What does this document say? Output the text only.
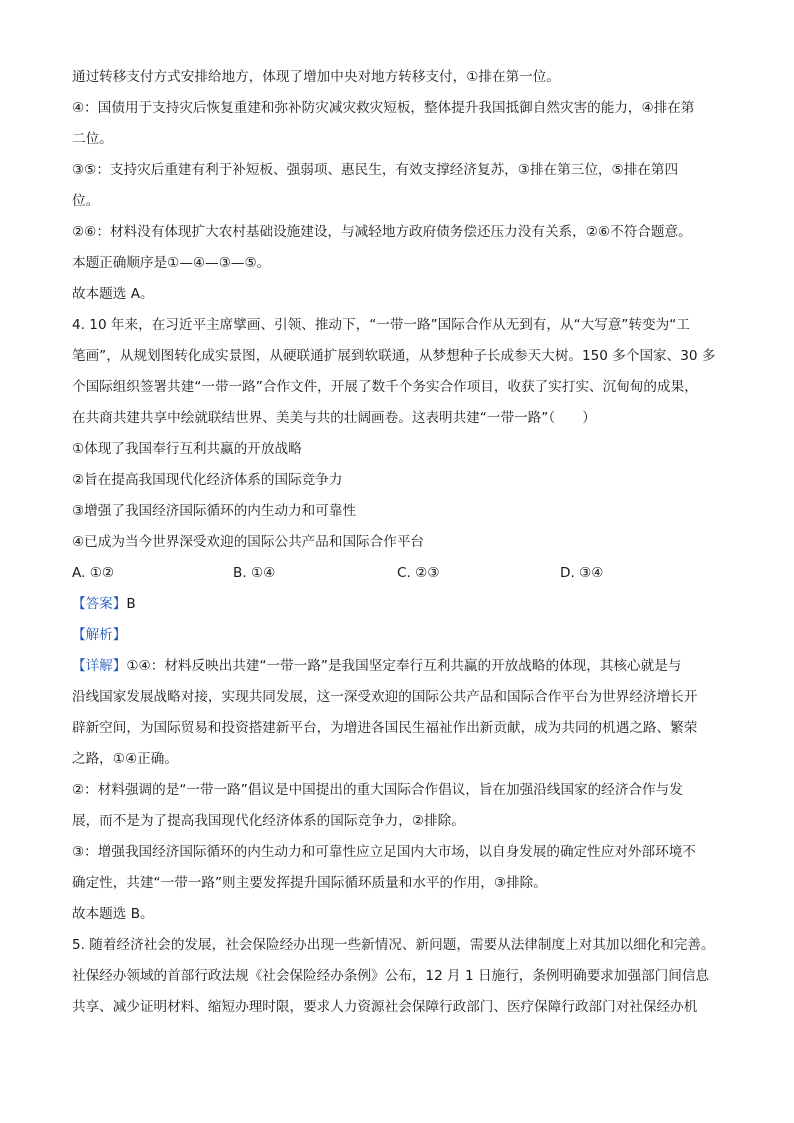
通过转移支付方式安排给地方，体现了增加中央对地方转移支付，①排在第一位。
④：国债用于支持灾后恢复重建和弥补防灾减灾救灾短板，整体提升我国抵御自然灾害的能力，④排在第
二位。
③⑤：支持灾后重建有利于补短板、强弱项、惠民生，有效支撑经济复苏，③排在第三位，⑤排在第四
位。
②⑥：材料没有体现扩大农村基础设施建设，与减轻地方政府债务偿还压力没有关系，②⑥不符合题意。
本题正确顺序是①—④—③—⑤。
故本题选 A。
4. 10 年来，在习近平主席擘画、引领、推动下，“一带一路”国际合作从无到有，从“大写意”转变为“工
笔画”，从规划图转化成实景图，从硬联通扩展到软联通，从梦想种子长成参天大树。150 多个国家、30 多
个国际组织签署共建“一带一路”合作文件，开展了数千个务实合作项目，收获了实打实、沉甸甸的成果，
在共商共建共享中绘就联结世界、美美与共的壮阔画卷。这表明共建“一带一路”（　　）
①体现了我国奉行互利共赢的开放战略
②旨在提高我国现代化经济体系的国际竞争力
③增强了我国经济国际循环的内生动力和可靠性
④已成为当今世界深受欢迎的国际公共产品和国际合作平台
A. ①②	B. ①④	C. ②③	D. ③④
【答案】B
【解析】
【详解】①④：材料反映出共建“一带一路”是我国坚定奉行互利共赢的开放战略的体现，其核心就是与
沿线国家发展战略对接，实现共同发展，这一深受欢迎的国际公共产品和国际合作平台为世界经济增长开
辟新空间，为国际贸易和投资搭建新平台，为增进各国民生福祉作出新贡献，成为共同的机遇之路、繁荣
之路，①④正确。
②：材料强调的是“一带一路”倡议是中国提出的重大国际合作倡议，旨在加强沿线国家的经济合作与发
展，而不是为了提高我国现代化经济体系的国际竞争力，②排除。
③：增强我国经济国际循环的内生动力和可靠性应立足国内大市场，以自身发展的确定性应对外部环境不
确定性，共建“一带一路”则主要发挥提升国际循环质量和水平的作用，③排除。
故本题选 B。
5. 随着经济社会的发展，社会保险经办出现一些新情况、新问题，需要从法律制度上对其加以细化和完善。
社保经办领域的首部行政法规《社会保险经办条例》公布，12 月 1 日施行，条例明确要求加强部门间信息
共享、减少证明材料、缩短办理时限，要求人力资源社会保障行政部门、医疗保障行政部门对社保经办机
